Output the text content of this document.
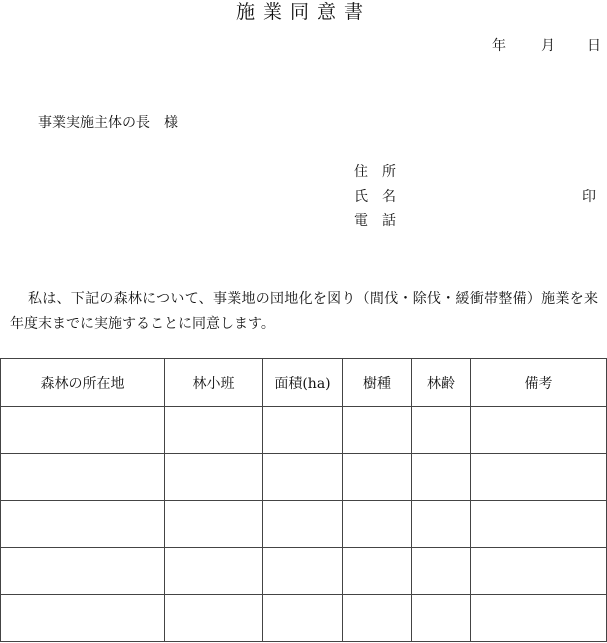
施業同意書
年	月 日
事業実施主体の長　様
住所
氏名
電話
印
私は、下記の森林について、事業地の団地化を図り（間伐・除伐・緩衝帯整備）施業を来年度末までに実施することに同意します。
森林の所在地	林小班	面積(ha)	樹種	林齢	備考
